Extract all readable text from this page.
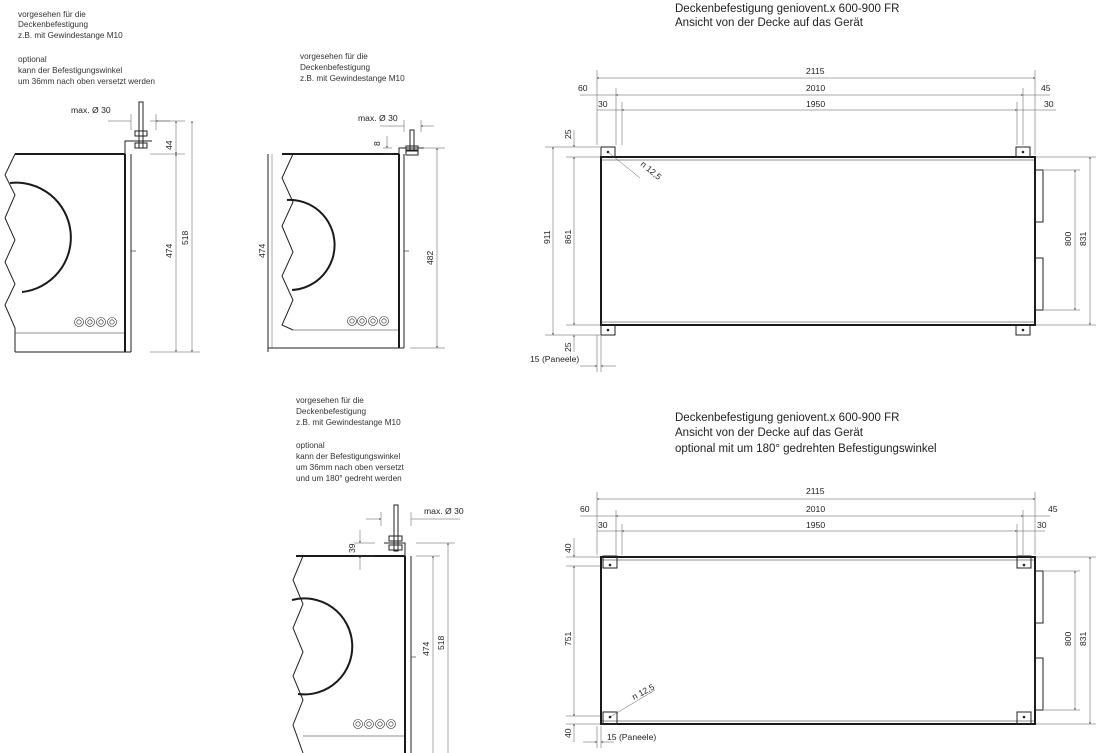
vorgesehen für die
Deckenbefestigung
z.B. mit Gewindestange M10
optional
kann der Befestigungswinkel
um 36mm nach oben versetzt werden
vorgesehen für die
Deckenbefestigung
z.B. mit Gewindestange M10
vorgesehen für die
Deckenbefestigung
z.B. mit Gewindestange M10
optional
kann der Befestigungswinkel
um 36mm nach oben versetzt
und um 180° gedreht werden
max. Ø 30
44
474
518
max. Ø 30
8
474	482
max. Ø 30
39
474 518
Deckenbefestigung geniovent.x 600-900 FR
Ansicht von der Decke auf das Gerät
2115
60	2010	45
30	1950	30
25
911 861
25
800 831
n 12,5
15 (Paneele)
Deckenbefestigung geniovent.x 600-900 FR
Ansicht von der Decke auf das Gerät
optional mit um 180° gedrehten Befestigungswinkel
2115
60	2010	45
30	1950	30
40
751
40
800 831
n 12,5
15 (Paneele)
